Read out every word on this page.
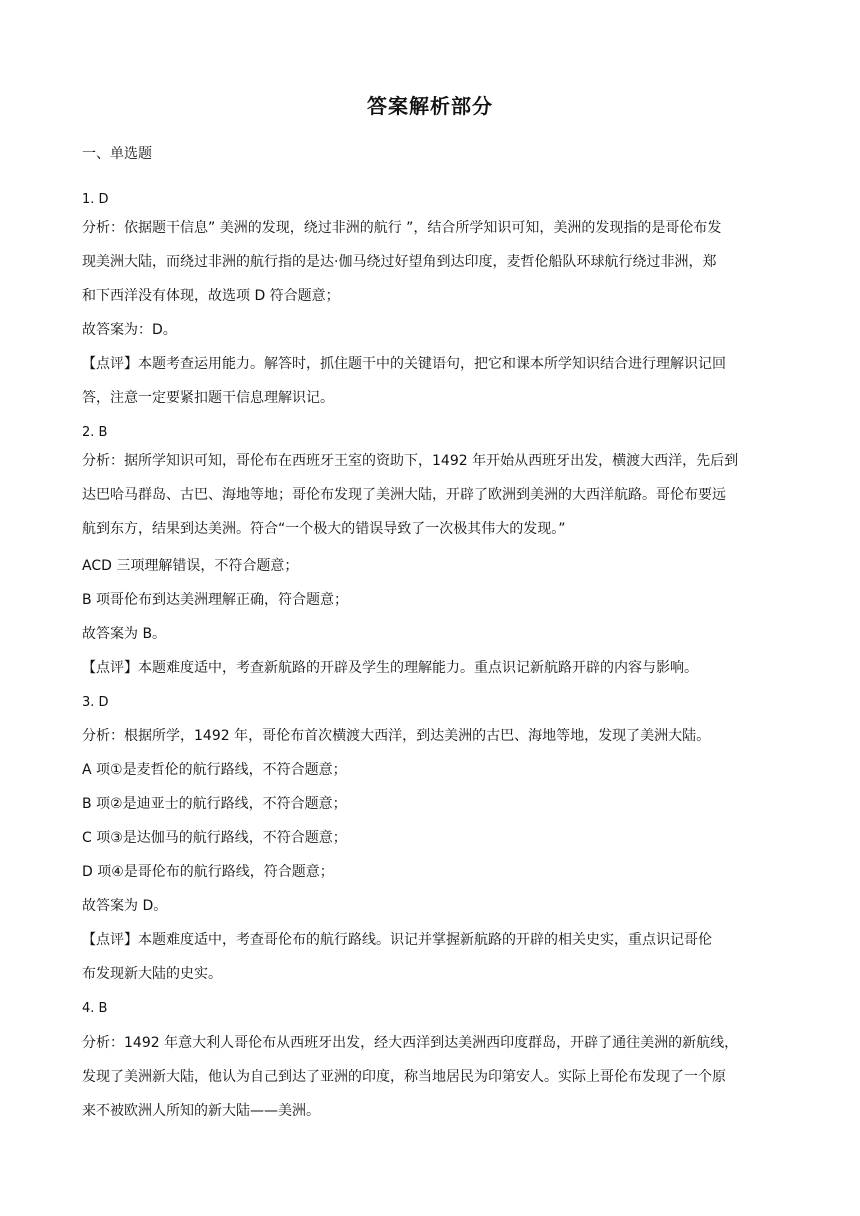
答案解析部分
一、单选题
1. D
分析：依据题干信息” 美洲的发现，绕过非洲的航行 ”，结合所学知识可知，美洲的发现指的是哥伦布发
现美洲大陆，而绕过非洲的航行指的是达·伽马绕过好望角到达印度，麦哲伦船队环球航行绕过非洲，郑
和下西洋没有体现，故选项 D 符合题意；
故答案为：D。
【点评】本题考查运用能力。解答时，抓住题干中的关键语句，把它和课本所学知识结合进行理解识记回
答，注意一定要紧扣题干信息理解识记。
2. B
分析：据所学知识可知，哥伦布在西班牙王室的资助下，1492 年开始从西班牙出发，横渡大西洋，先后到
达巴哈马群岛、古巴、海地等地；哥伦布发现了美洲大陆，开辟了欧洲到美洲的大西洋航路。哥伦布要远
航到东方，结果到达美洲。符合“一个极大的错误导致了一次极其伟大的发现。”
ACD 三项理解错误，不符合题意；
B 项哥伦布到达美洲理解正确，符合题意；
故答案为 B。
【点评】本题难度适中，考查新航路的开辟及学生的理解能力。重点识记新航路开辟的内容与影响。
3. D
分析：根据所学，1492 年，哥伦布首次横渡大西洋，到达美洲的古巴、海地等地，发现了美洲大陆。
A 项①是麦哲伦的航行路线，不符合题意；
B 项②是迪亚士的航行路线，不符合题意；
C 项③是达伽马的航行路线，不符合题意；
D 项④是哥伦布的航行路线，符合题意；
故答案为 D。
【点评】本题难度适中，考查哥伦布的航行路线。识记并掌握新航路的开辟的相关史实，重点识记哥伦
布发现新大陆的史实。
4. B
分析：1492 年意大利人哥伦布从西班牙出发，经大西洋到达美洲西印度群岛，开辟了通往美洲的新航线，
发现了美洲新大陆，他认为自己到达了亚洲的印度，称当地居民为印第安人。实际上哥伦布发现了一个原
来不被欧洲人所知的新大陆——美洲。
